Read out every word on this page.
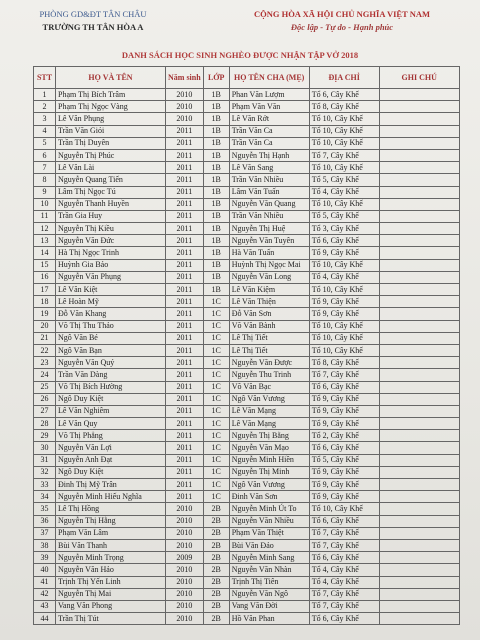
PHÒNG GD&ĐT TÂN CHÂU
TRƯỜNG TH TÂN HÒA A
CỘNG HÒA XÃ HỘI CHỦ NGHĨA VIỆT NAM
Độc lập - Tự do - Hạnh phúc
DANH SÁCH HỌC SINH NGHÈO ĐƯỢC NHẬN TẬP VỞ 2018
STT	HỌ VÀ TÊN	Năm sinh	LỚP	HỌ TÊN CHA (MẸ)	ĐỊA CHỈ	GHI CHÚ
1	Phạm Thị Bích Trâm	2010	1B	Phan Văn Lượm	Tổ 6, Cây Khế	
2	Phạm Thị Ngọc Vàng	2010	1B	Phạm Văn Văn	Tổ 8, Cây Khế	
3	Lê Văn Phụng	2010	1B	Lê Văn Rớt	Tổ 10, Cây Khế	
4	Trần Văn Giỏi	2011	1B	Trần Văn Ca	Tổ 10, Cây Khế	
5	Trần Thị Duyên	2011	1B	Trần Văn Ca	Tổ 10, Cây Khế	
6	Nguyễn Thị Phúc	2011	1B	Nguyễn Thị Hạnh	Tổ 7, Cây Khế	
7	Lê Văn Lài	2011	1B	Lê Văn Sang	Tổ 10, Cây Khế	
8	Nguyễn Quang Tiến	2011	1B	Trần Văn Nhiều	Tổ 5, Cây Khế	
9	Lâm Thị Ngọc Tú	2011	1B	Lâm Văn Tuấn	Tổ 4, Cây Khế	
10	Nguyễn Thanh Huyền	2011	1B	Nguyễn Văn Quang	Tổ 10, Cây Khế	
11	Trần Gia Huy	2011	1B	Trần Văn Nhiều	Tổ 5, Cây Khế	
12	Nguyễn Thị Kiều	2011	1B	Nguyễn Thị Huệ	Tổ 3, Cây Khế	
13	Nguyễn Văn Đức	2011	1B	Nguyễn Văn Tuyên	Tổ 6, Cây Khế	
14	Hà Thị Ngọc Trinh	2011	1B	Hà Văn Tuấn	Tổ 9, Cây Khế	
15	Huỳnh Gia Bảo	2011	1B	Huỳnh Thị Ngọc Mai	Tổ 10, Cây Khế	
16	Nguyễn Văn Phụng	2011	1B	Nguyễn Văn Long	Tổ 4, Cây Khế	
17	Lê Văn Kiệt	2011	1B	Lê Văn Kiệm	Tổ 10, Cây Khế	
18	Lê Hoàn Mỹ	2011	1C	Lê Văn Thiện	Tổ 9, Cây Khế	
19	Đỗ Văn Khang	2011	1C	Đỗ Văn Sơn	Tổ 9, Cây Khế	
20	Võ Thị Thu Thảo	2011	1C	Võ Văn Bành	Tổ 10, Cây Khế	
21	Ngô Văn Bé	2011	1C	Lê Thị Tiết	Tổ 10, Cây Khế	
22	Ngô Văn Bạn	2011	1C	Lê Thị Tiết	Tổ 10, Cây Khế	
23	Nguyễn Văn Quý	2011	1C	Nguyễn Văn Được	Tổ 8, Cây Khế	
24	Trần Văn Dàng	2011	1C	Nguyễn Thu Trinh	Tổ 7, Cây Khế	
25	Võ Thị Bích Hường	2011	1C	Võ Văn Bạc	Tổ 6, Cây Khế	
26	Ngô Duy Kiệt	2011	1C	Ngô Văn Vương	Tổ 9, Cây Khế	
27	Lê Văn Nghiêm	2011	1C	Lê Văn Mạng	Tổ 9, Cây Khế	
28	Lê Văn Quy	2011	1C	Lê Văn Mạng	Tổ 9, Cây Khế	
29	Võ Thị Phẳng	2011	1C	Nguyễn Thị Bằng	Tổ 2, Cây Khế	
30	Nguyễn Văn Lợi	2011	1C	Nguyễn Văn Mạo	Tổ 6, Cây Khế	
31	Nguyễn Anh Đạt	2011	1C	Nguyễn Minh Hiền	Tổ 5, Cây Khế	
32	Ngô Duy Kiệt	2011	1C	Nguyễn Thị Minh	Tổ 9, Cây Khế	
33	Đinh Thị Mỹ Trân	2011	1C	Ngô Văn Vương	Tổ 9, Cây Khế	
34	Nguyễn Minh Hiếu Nghĩa	2011	1C	Đinh Văn Sơn	Tổ 9, Cây Khế	
35	Lê Thị Hồng	2010	2B	Nguyễn Minh Út To	Tổ 10, Cây Khế	
36	Nguyễn Thị Hằng	2010	2B	Nguyễn Văn Nhiều	Tổ 6, Cây Khế	
37	Phạm Văn Lâm	2010	2B	Phạm Văn Thiệt	Tổ 7, Cây Khế	
38	Bùi Văn Thanh	2010	2B	Bùi Văn Đảo	Tổ 7, Cây Khế	
39	Nguyễn Minh Trọng	2009	2B	Nguyễn Minh Sang	Tổ 6, Cây Khế	
40	Nguyễn Văn Hảo	2010	2B	Nguyễn Văn Nhàn	Tổ 4, Cây Khế	
41	Trịnh Thị Yến Linh	2010	2B	Trịnh Thị Tiên	Tổ 4, Cây Khế	
42	Nguyễn Thị Mai	2010	2B	Nguyễn Văn Ngô	Tổ 7, Cây Khế	
43	Vang Văn Phong	2010	2B	Vang Văn Đời	Tổ 7, Cây Khế	
44	Trần Thị Tút	2010	2B	Hồ Văn Phan	Tổ 6, Cây Khế	
